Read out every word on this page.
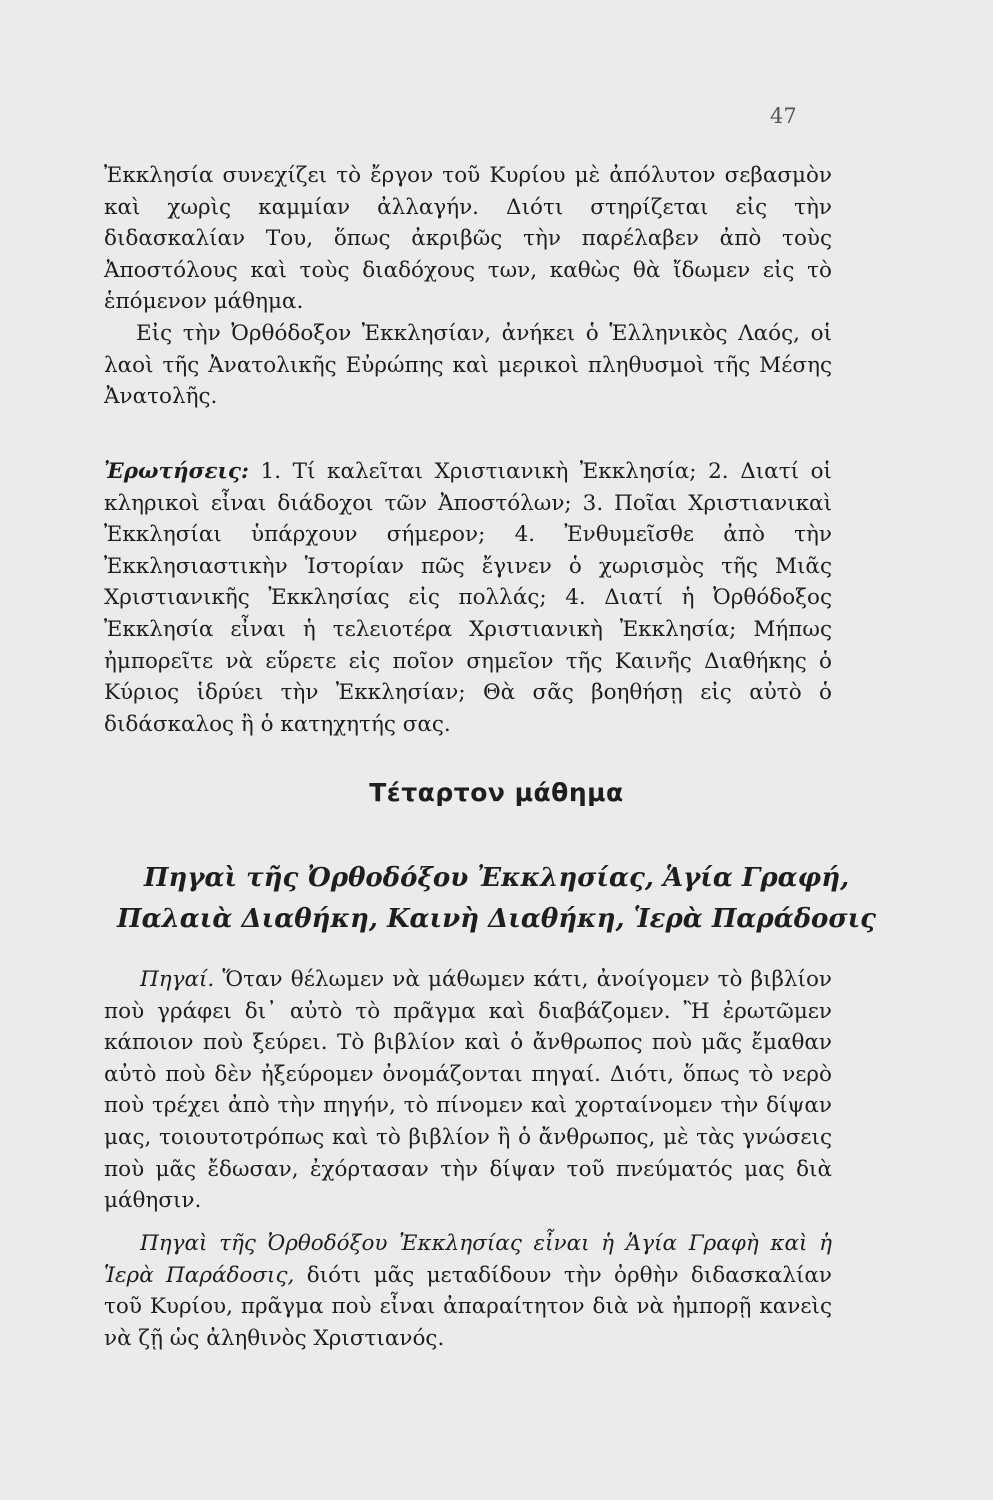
47

Ἐκκλησία συνεχίζει τὸ ἔργον τοῦ Κυρίου μὲ ἀπόλυτον σεβασμὸν καὶ χωρὶς καμμίαν ἀλλαγήν. Διότι στηρίζεται εἰς τὴν διδασκαλίαν Του, ὅπως ἀκριβῶς τὴν παρέλαβεν ἀπὸ τοὺς Ἀποστόλους καὶ τοὺς διαδόχους των, καθὼς θὰ ἴδωμεν εἰς τὸ ἑπόμενον μάθημα.

Εἰς τὴν Ὀρθόδοξον Ἐκκλησίαν, ἀνήκει ὁ Ἑλληνικὸς Λαός, οἱ λαοὶ τῆς Ἀνατολικῆς Εὐρώπης καὶ μερικοὶ πληθυσμοὶ τῆς Μέσης Ἀνατολῆς.

Ἐρωτήσεις: 1. Τί καλεῖται Χριστιανικὴ Ἐκκλησία; 2. Διατί οἱ κληρικοὶ εἶναι διάδοχοι τῶν Ἀποστόλων; 3. Ποῖαι Χριστιανικαὶ Ἐκκλησίαι ὑπάρχουν σήμερον; 4. Ἐνθυμεῖσθε ἀπὸ τὴν Ἐκκλησιαστικὴν Ἱστορίαν πῶς ἔγινεν ὁ χωρισμὸς τῆς Μιᾶς Χριστιανικῆς Ἐκκλησίας εἰς πολλάς; 4. Διατί ἡ Ὀρθόδοξος Ἐκκλησία εἶναι ἡ τελειοτέρα Χριστιανικὴ Ἐκκλησία; Μήπως ἠμπορεῖτε νὰ εὕρετε εἰς ποῖον σημεῖον τῆς Καινῆς Διαθήκης ὁ Κύριος ἱδρύει τὴν Ἐκκλησίαν; Θὰ σᾶς βοηθήσῃ εἰς αὐτὸ ὁ διδάσκαλος ἢ ὁ κατηχητής σας.

Τέταρτον μάθημα

Πηγαὶ τῆς Ὀρθοδόξου Ἐκκλησίας, Ἁγία Γραφή,
Παλαιὰ Διαθήκη, Καινὴ Διαθήκη, Ἱερὰ Παράδοσις

Πηγαί. Ὅταν θέλωμεν νὰ μάθωμεν κάτι, ἀνοίγομεν τὸ βιβλίον ποὺ γράφει δι᾽ αὐτὸ τὸ πρᾶγμα καὶ διαβάζομεν. Ἢ ἐρωτῶμεν κάποιον ποὺ ξεύρει. Τὸ βιβλίον καὶ ὁ ἄνθρωπος ποὺ μᾶς ἔμαθαν αὐτὸ ποὺ δὲν ἠξεύρομεν ὀνομάζονται πηγαί. Διότι, ὅπως τὸ νερὸ ποὺ τρέχει ἀπὸ τὴν πηγήν, τὸ πίνομεν καὶ χορταίνομεν τὴν δίψαν μας, τοιουτοτρόπως καὶ τὸ βιβλίον ἢ ὁ ἄνθρωπος, μὲ τὰς γνώσεις ποὺ μᾶς ἔδωσαν, ἐχόρτασαν τὴν δίψαν τοῦ πνεύματός μας διὰ μάθησιν.

Πηγαὶ τῆς Ὀρθοδόξου Ἐκκλησίας εἶναι ἡ Ἁγία Γραφὴ καὶ ἡ Ἱερὰ Παράδοσις, διότι μᾶς μεταδίδουν τὴν ὀρθὴν διδασκαλίαν τοῦ Κυρίου, πρᾶγμα ποὺ εἶναι ἀπαραίτητον διὰ νὰ ἠμπορῇ κανεὶς νὰ ζῇ ὡς ἀληθινὸς Χριστιανός.
